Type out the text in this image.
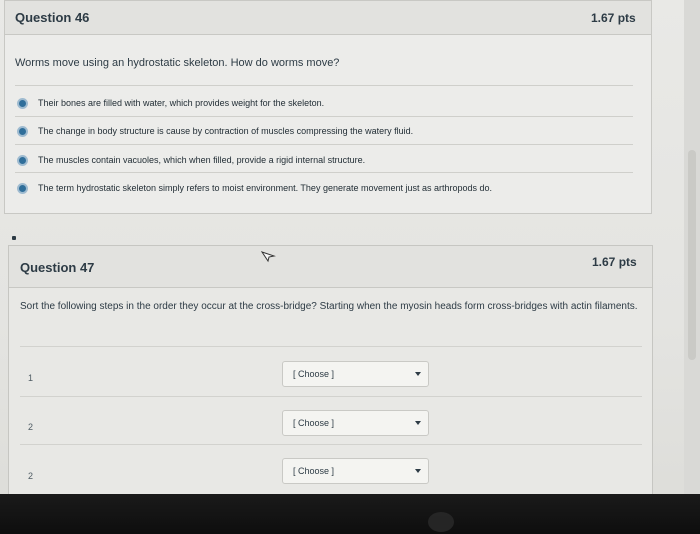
Question 46	1.67 pts
Worms move using an hydrostatic skeleton. How do worms move?
Their bones are filled with water, which provides weight for the skeleton.
The change in body structure is cause by contraction of muscles compressing the watery fluid.
The muscles contain vacuoles, which when filled, provide a rigid internal structure.
The term hydrostatic skeleton simply refers to moist environment. They generate movement just as arthropods do.
Question 47	1.67 pts
Sort the following steps in the order they occur at the cross-bridge? Starting when the myosin heads form cross-bridges with actin filaments.
1	[ Choose ]
2	[ Choose ]
2	[ Choose ]
